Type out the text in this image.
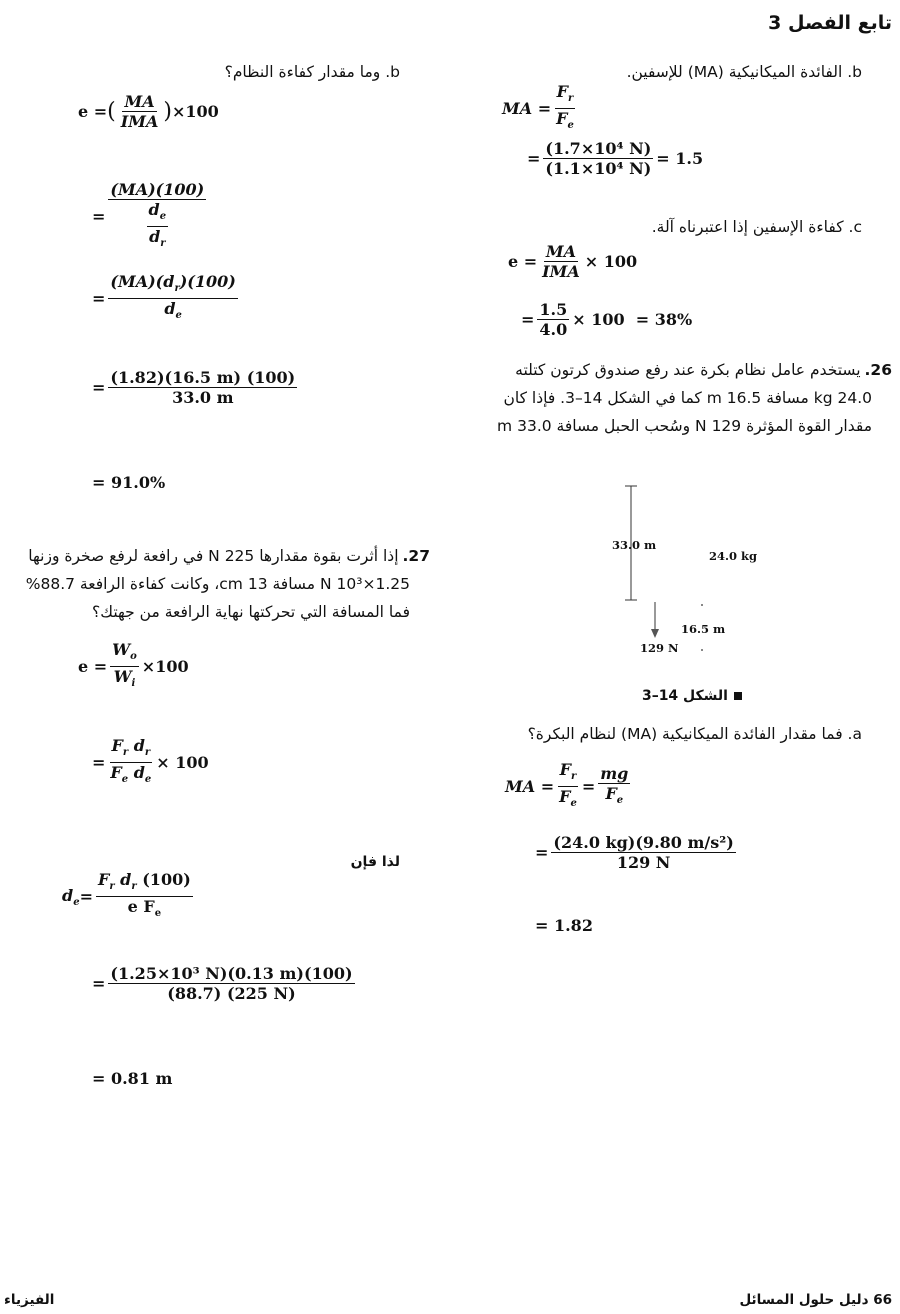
تابع الفصل 3
b. الفائدة الميكانيكية (MA) للإسفين.
MA = $\frac{F_r}{F_e}$
= $\frac{\text{(1.7×10⁴ N)}}{\text{(1.1×10⁴ N)}} = 1.5$
c. كفاءة الإسفين إذا اعتبرناه آلة.
e =
MA
IMA
× 100
= $\frac{1.5}{4.0} \times 100 = 38\%$
26.
يستخدم عامل نظام بكرة عند رفع صندوق كرتون كتلته
24.0 kg مسافة 16.5 m كما في الشكل 14–3. فإذا كان
مقدار القوة المؤثرة N 129 وسُحب الحبل مسافة 33.0 m
33.0 m
24.0 kg
16.5 m
129 N
الشكل 14–3
a. فما مقدار الفائدة الميكانيكية (MA) لنظام البكرة؟
MA = $\frac{F_r}{F_e} = \frac{mg}{F_e}$
= $\frac{\text{(24.0 kg)(9.80 m/s²)}}{129 N}$
= 1.82
b. وما مقدار كفاءة النظام؟
e = ( MA
IMA ) ×100
= $\frac{(MA)(100)}{\frac{d_e}{d_r}}$
= $\frac{(MA)(d_r)(100)}{d_e}$
= $\frac{(1.82)(16.5 m) (100)}{33.0 m}$
= 91.0%
27.
إذا أثرت بقوة مقدارها N 225 في رافعة لرفع صخرة وزنها
1.25×10³ N مسافة 13 cm، وكانت كفاءة الرافعة 88.7%
فما المسافة التي تحركتها نهاية الرافعة من جهتك؟
$e = \frac{W_o}{W_i} \times 100$
= $\frac{F_r d_r}{F_e d_e} \times 100$
لذا فإن
$d_e = \frac{F_r d_r (100)}{e F_e}$
= $\frac{\text{(1.25×10³ N)(0.13 m)(100)}}{(88.7) (225 N)}$
= 0.81 m
الفيزياء	66 دليل حلول المسائل
